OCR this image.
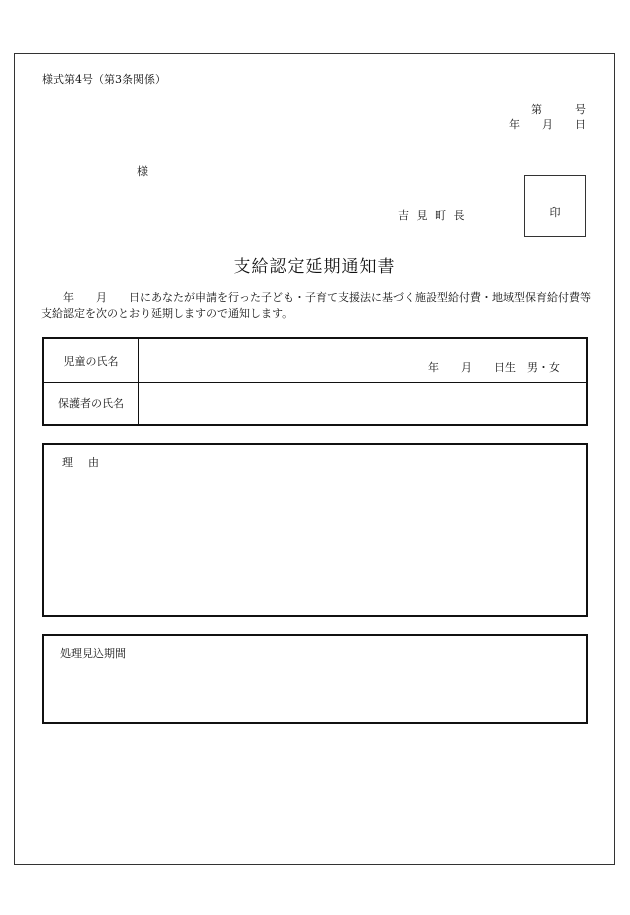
様式第4号（第3条関係）
第　　　号
年　　月　　日
様
吉 見 町 長	印
支給認定延期通知書
　　年　　月　　日にあなたが申請を行った子ども・子育て支援法に基づく施設型給付費・地域型保育給付費等支給認定を次のとおり延期しますので通知します。
児童の氏名	年　　月　　日生　男・女
保護者の氏名
理　由
処理見込期間
